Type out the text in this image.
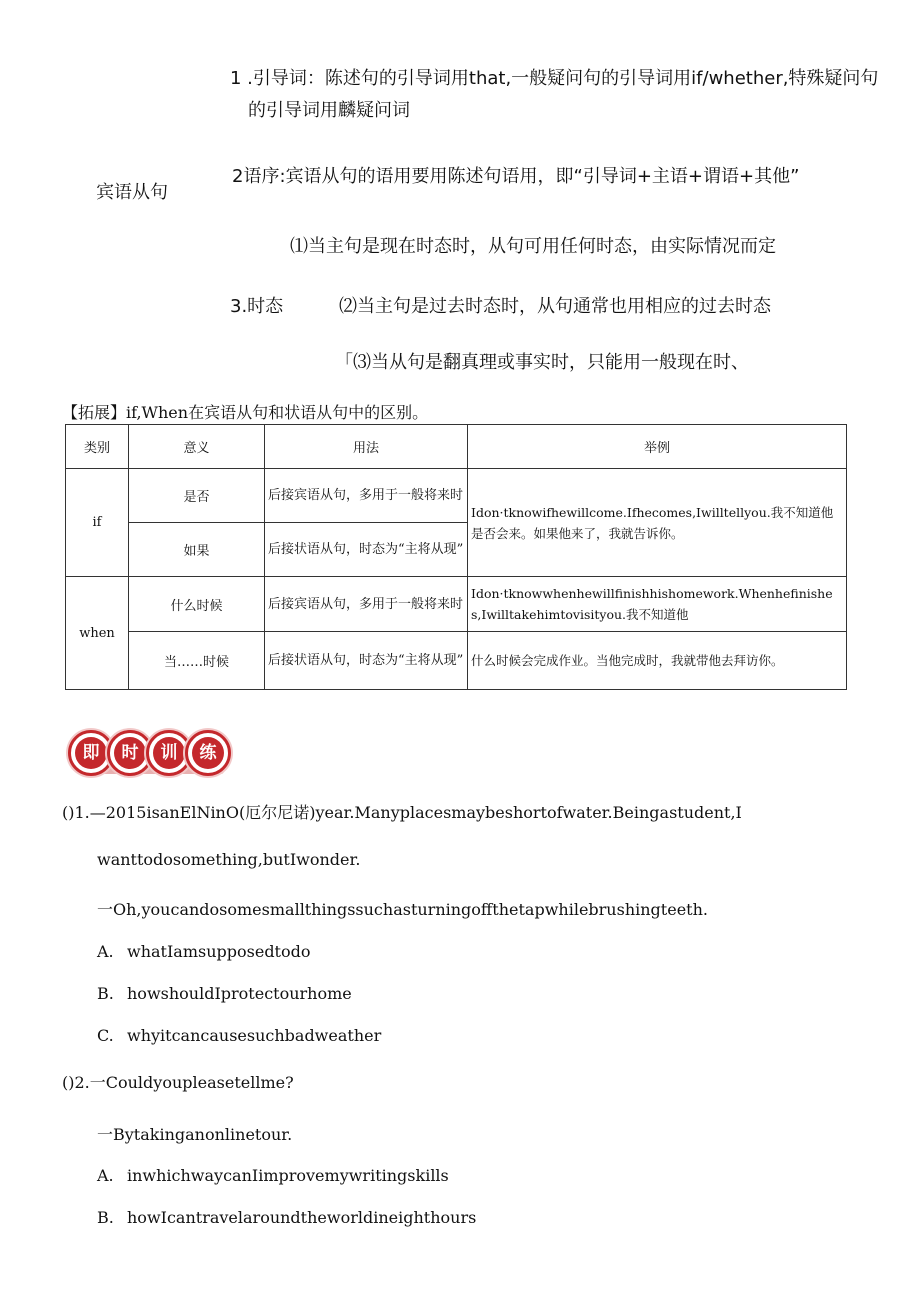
1 .引导词：陈述句的引导词用that,一般疑问句的引导词用if/whether,特殊疑问句
的引导词用麟疑问词
宾语从句
2语序:宾语从句的语用要用陈述句语用，即“引导词+主语+谓语+其他”
⑴当主句是现在时态时，从句可用任何时态，由实际情况而定
3.时态	⑵当主句是过去时态时，从句通常也用相应的过去时态
「⑶当从句是翻真理或事实时，只能用一般现在时、
【拓展】if,When在宾语从句和状语从句中的区别。
类别	意义	用法	举例
if	是否	后接宾语从句，多用于一般将来时	Idon·tknowifhewillcome.Ifhecomes,Iwilltellyou.我不知道他是否会来。如果他来了，我就告诉你。
	如果	后接状语从句，时态为“主将从现”	
when	什么时候	后接宾语从句，多用于一般将来时	Idon·tknowwhenhewillfinishhishomework.Whenhefinishes,Iwilltakehimtovisityou.我不知道他
	当……时候	后接状语从句，时态为“主将从现”	什么时候会完成作业。当他完成时，我就带他去拜访你。
即	时	训	练
()1.—2015isanElNinO(厄尔尼诺)year.Manyplacesmaybeshortofwater.Beingastudent,I
wanttodosomething,butIwonder.
一Oh,youcandosomesmallthingssuchasturningoffthetapwhilebrushingteeth.
A. whatIamsupposedtodo
B. howshouldIprotectourhome
C. whyitcancausesuchbadweather
()2.一Couldyoupleasetellme?
一Bytakinganonlinetour.
A. inwhichwaycanIimprovemywritingskills
B. howIcantravelaroundtheworldineighthours
